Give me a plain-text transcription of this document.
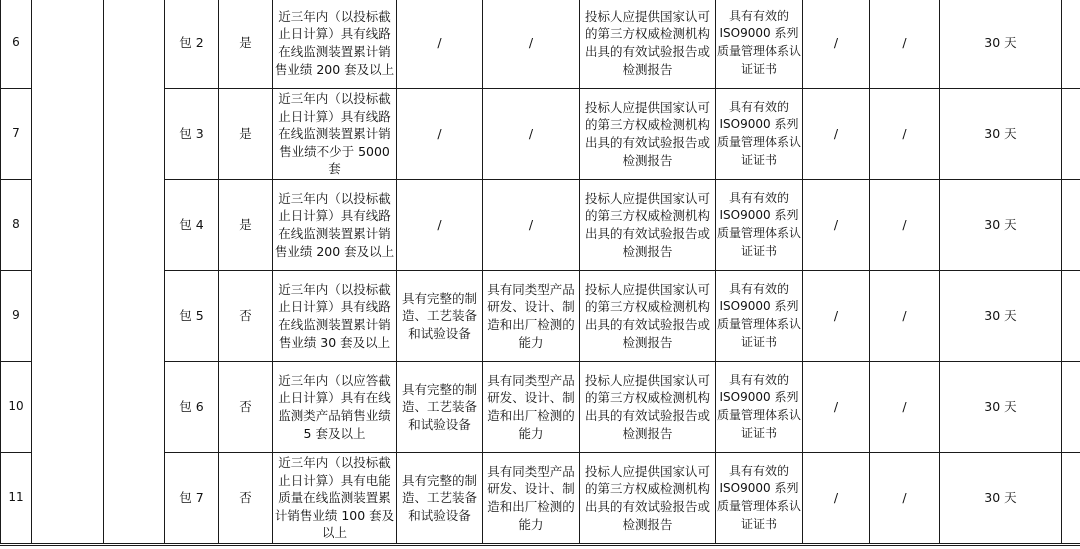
6			包 2	是	近三年内（以投标截止日计算）具有线路在线监测装置累计销售业绩 200 套及以上	/	/	投标人应提供国家认可的第三方权威检测机构出具的有效试验报告或检测报告	具有有效的 ISO9000 系列质量管理体系认证证书	/	/	30 天	
7			包 3	是	近三年内（以投标截止日计算）具有线路在线监测装置累计销售业绩不少于 5000 套	/	/	投标人应提供国家认可的第三方权威检测机构出具的有效试验报告或检测报告	具有有效的 ISO9000 系列质量管理体系认证证书	/	/	30 天	
8			包 4	是	近三年内（以投标截止日计算）具有线路在线监测装置累计销售业绩 200 套及以上	/	/	投标人应提供国家认可的第三方权威检测机构出具的有效试验报告或检测报告	具有有效的 ISO9000 系列质量管理体系认证证书	/	/	30 天	
9			包 5	否	近三年内（以投标截止日计算）具有线路在线监测装置累计销售业绩 30 套及以上	具有完整的制造、工艺装备和试验设备	具有同类型产品研发、设计、制造和出厂检测的能力	投标人应提供国家认可的第三方权威检测机构出具的有效试验报告或检测报告	具有有效的 ISO9000 系列质量管理体系认证证书	/	/	30 天	
10			包 6	否	近三年内（以应答截止日计算）具有在线监测类产品销售业绩 5 套及以上	具有完整的制造、工艺装备和试验设备	具有同类型产品研发、设计、制造和出厂检测的能力	投标人应提供国家认可的第三方权威检测机构出具的有效试验报告或检测报告	具有有效的 ISO9000 系列质量管理体系认证证书	/	/	30 天	
11			包 7	否	近三年内（以投标截止日计算）具有电能质量在线监测装置累计销售业绩 100 套及以上	具有完整的制造、工艺装备和试验设备	具有同类型产品研发、设计、制造和出厂检测的能力	投标人应提供国家认可的第三方权威检测机构出具的有效试验报告或检测报告	具有有效的 ISO9000 系列质量管理体系认证证书	/	/	30 天	
